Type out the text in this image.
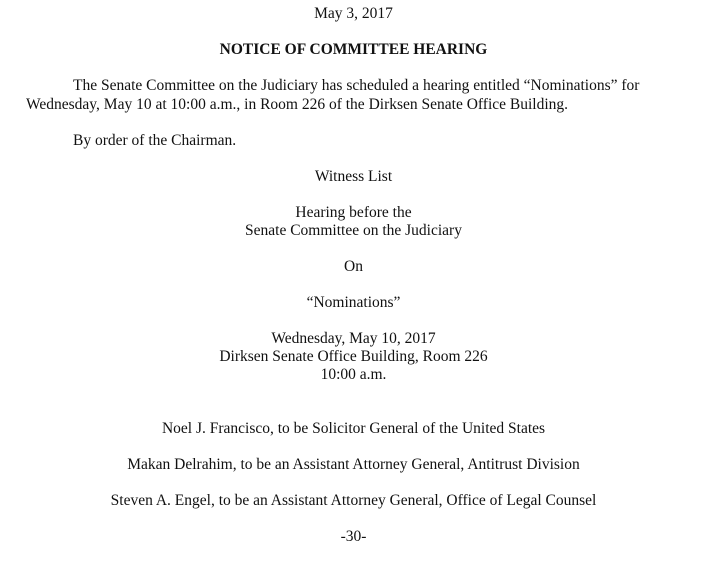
May 3, 2017
NOTICE OF COMMITTEE HEARING
The Senate Committee on the Judiciary has scheduled a hearing entitled “Nominations” for
Wednesday, May 10 at 10:00 a.m., in Room 226 of the Dirksen Senate Office Building.
By order of the Chairman.
Witness List
Hearing before the
Senate Committee on the Judiciary
On
“Nominations”
Wednesday, May 10, 2017
Dirksen Senate Office Building, Room 226
10:00 a.m.
Noel J. Francisco, to be Solicitor General of the United States
Makan Delrahim, to be an Assistant Attorney General, Antitrust Division
Steven A. Engel, to be an Assistant Attorney General, Office of Legal Counsel
-30-
